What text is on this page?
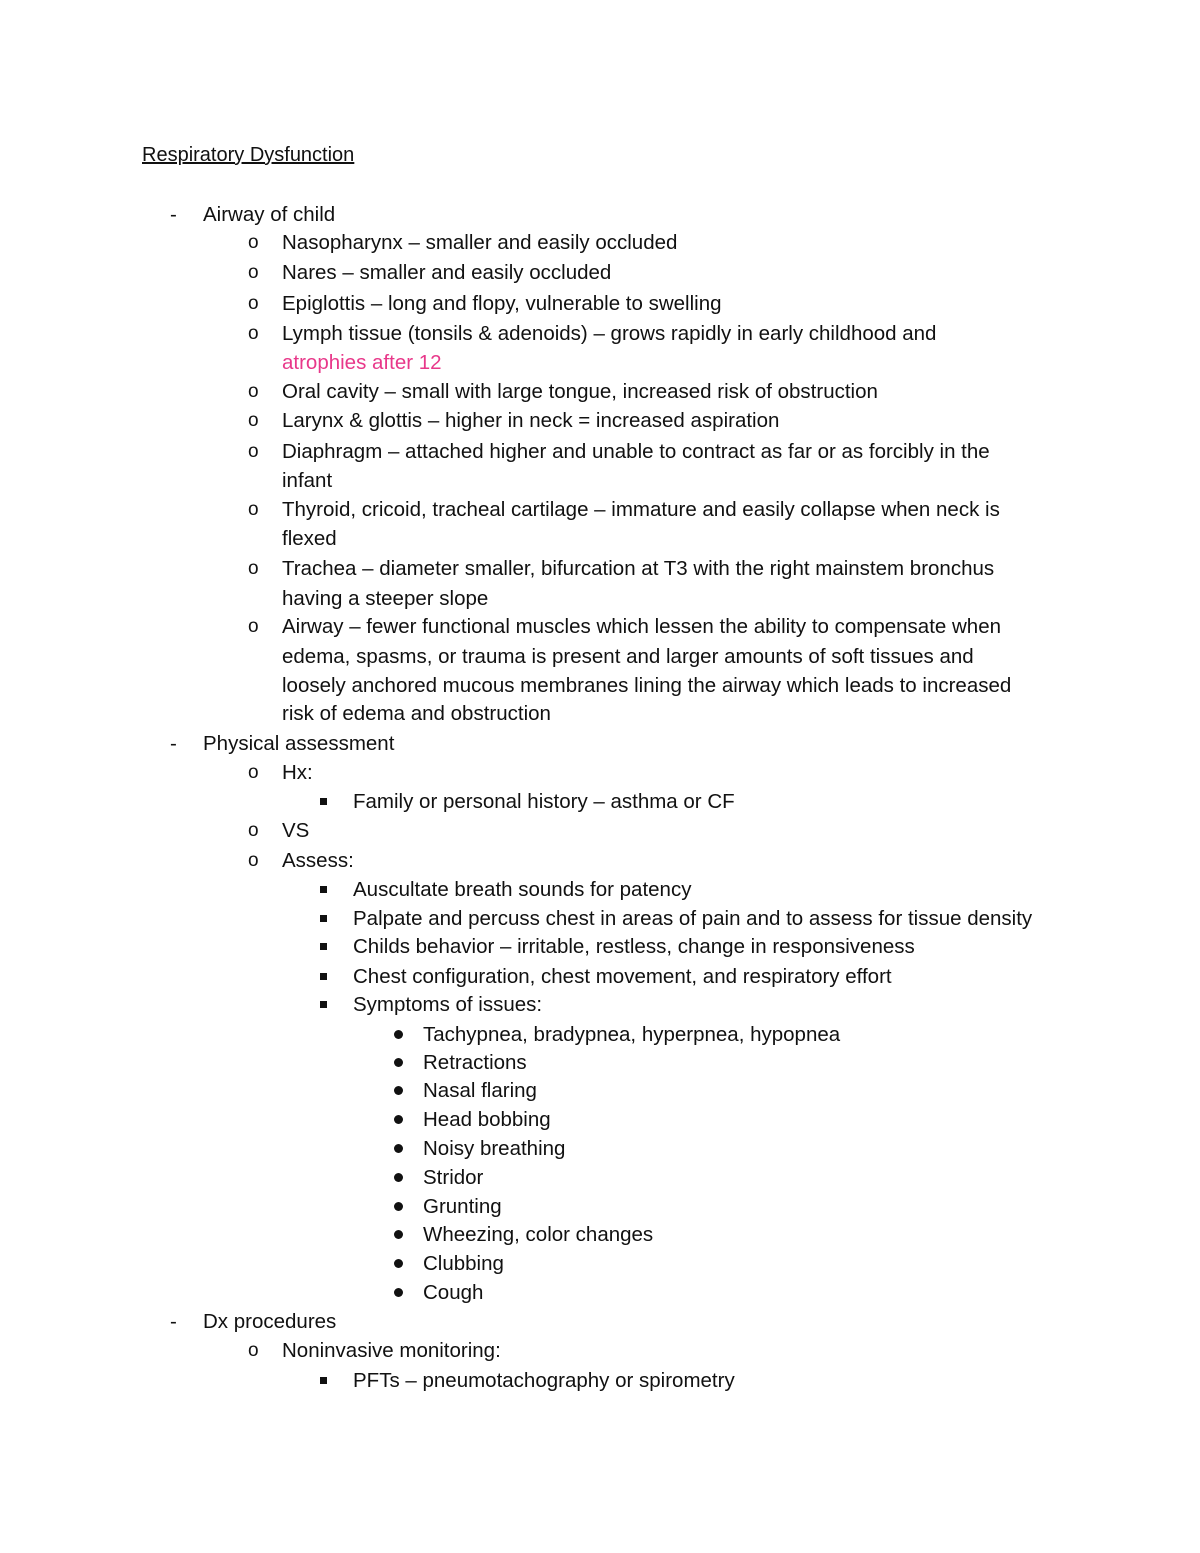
Respiratory Dysfunction
- Airway of child
o Nasopharynx – smaller and easily occluded
o Nares – smaller and easily occluded
o Epiglottis – long and flopy, vulnerable to swelling
o Lymph tissue (tonsils & adenoids) – grows rapidly in early childhood and
atrophies after 12
o Oral cavity – small with large tongue, increased risk of obstruction
o Larynx & glottis – higher in neck = increased aspiration
o Diaphragm – attached higher and unable to contract as far or as forcibly in the
infant
o Thyroid, cricoid, tracheal cartilage – immature and easily collapse when neck is
flexed
o Trachea – diameter smaller, bifurcation at T3 with the right mainstem bronchus
having a steeper slope
o Airway – fewer functional muscles which lessen the ability to compensate when
edema, spasms, or trauma is present and larger amounts of soft tissues and
loosely anchored mucous membranes lining the airway which leads to increased
risk of edema and obstruction
- Physical assessment
o Hx:
Family or personal history – asthma or CF
o VS
o Assess:
Auscultate breath sounds for patency
Palpate and percuss chest in areas of pain and to assess for tissue density
Childs behavior – irritable, restless, change in responsiveness
Chest configuration, chest movement, and respiratory effort
Symptoms of issues:
Tachypnea, bradypnea, hyperpnea, hypopnea
Retractions
Nasal flaring
Head bobbing
Noisy breathing
Stridor
Grunting
Wheezing, color changes
Clubbing
Cough
- Dx procedures
o Noninvasive monitoring:
PFTs – pneumotachography or spirometry
